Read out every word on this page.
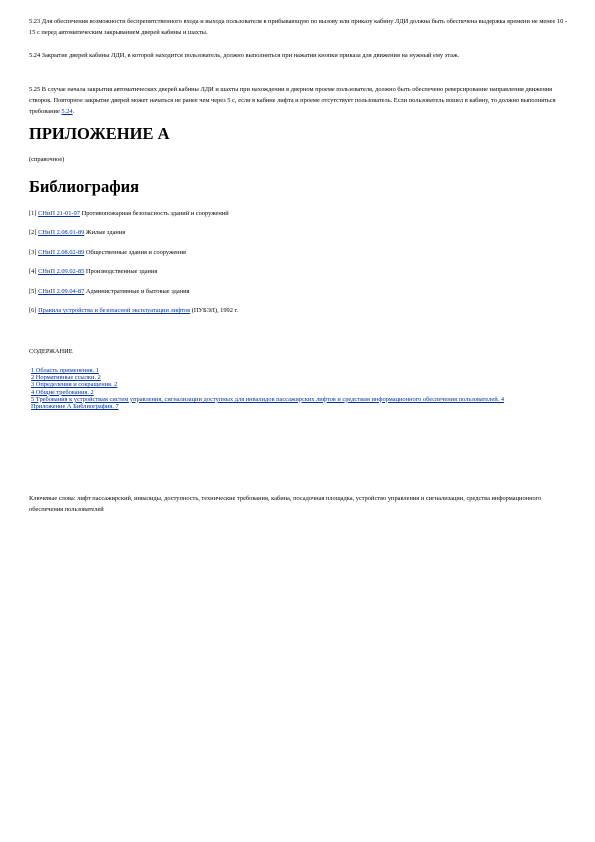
5.23 Для обеспечения возможности беспрепятственного входа и выхода пользователя в прибывающую по вызову или приказу кабину ЛДИ должна быть обеспечена выдержка времени не менее 10 - 15 с перед автоматическим закрыванием дверей кабины и шахты.

5.24 Закрытие дверей кабины ЛДИ, в которой находится пользователь, должно выполняться при нажатии кнопки приказа для движения на нужный ему этаж.

5.25 В случае начала закрытия автоматических дверей кабины ЛДИ и шахты при нахождении в дверном проеме пользователя, должно быть обеспечено реверсирование направления движения створок. Повторное закрытие дверей может начаться не ранее чем через 5 с, если в кабине лифта и проеме отсутствует пользователь. Если пользователь вошел в кабину, то должно выполняться требование 5.24.

ПРИЛОЖЕНИЕ А

(справочное)

Библиография

[1] СНиП 21-01-97 Противопожарная безопасность зданий и сооружений

[2] СНиП 2.08.01-89 Жилые здания

[3] СНиП 2.08.02-89 Общественные здания и сооружения

[4] СНиП 2.09.02-85 Производственные здания

[5] СНиП 2.09.04-87 Административные и бытовые здания

[6] Правила устройства и безопасной эксплуатации лифтов (ПУБЭЛ), 1992 г.

СОДЕРЖАНИЕ

1 Область применения. 1
2 Нормативные ссылки. 2
3 Определения и сокращения. 2
4 Общие требования. 2
5 Требования к устройствам систем управления, сигнализации доступных для инвалидов пассажирских лифтов и средствам информационного обеспечения пользователей. 4
Приложение А Библиография. 7

Ключевые слова: лифт пассажирский, инвалиды, доступность, технические требования, кабина, посадочная площадка, устройство управления и сигнализации, средства информационного обеспечения пользователей
